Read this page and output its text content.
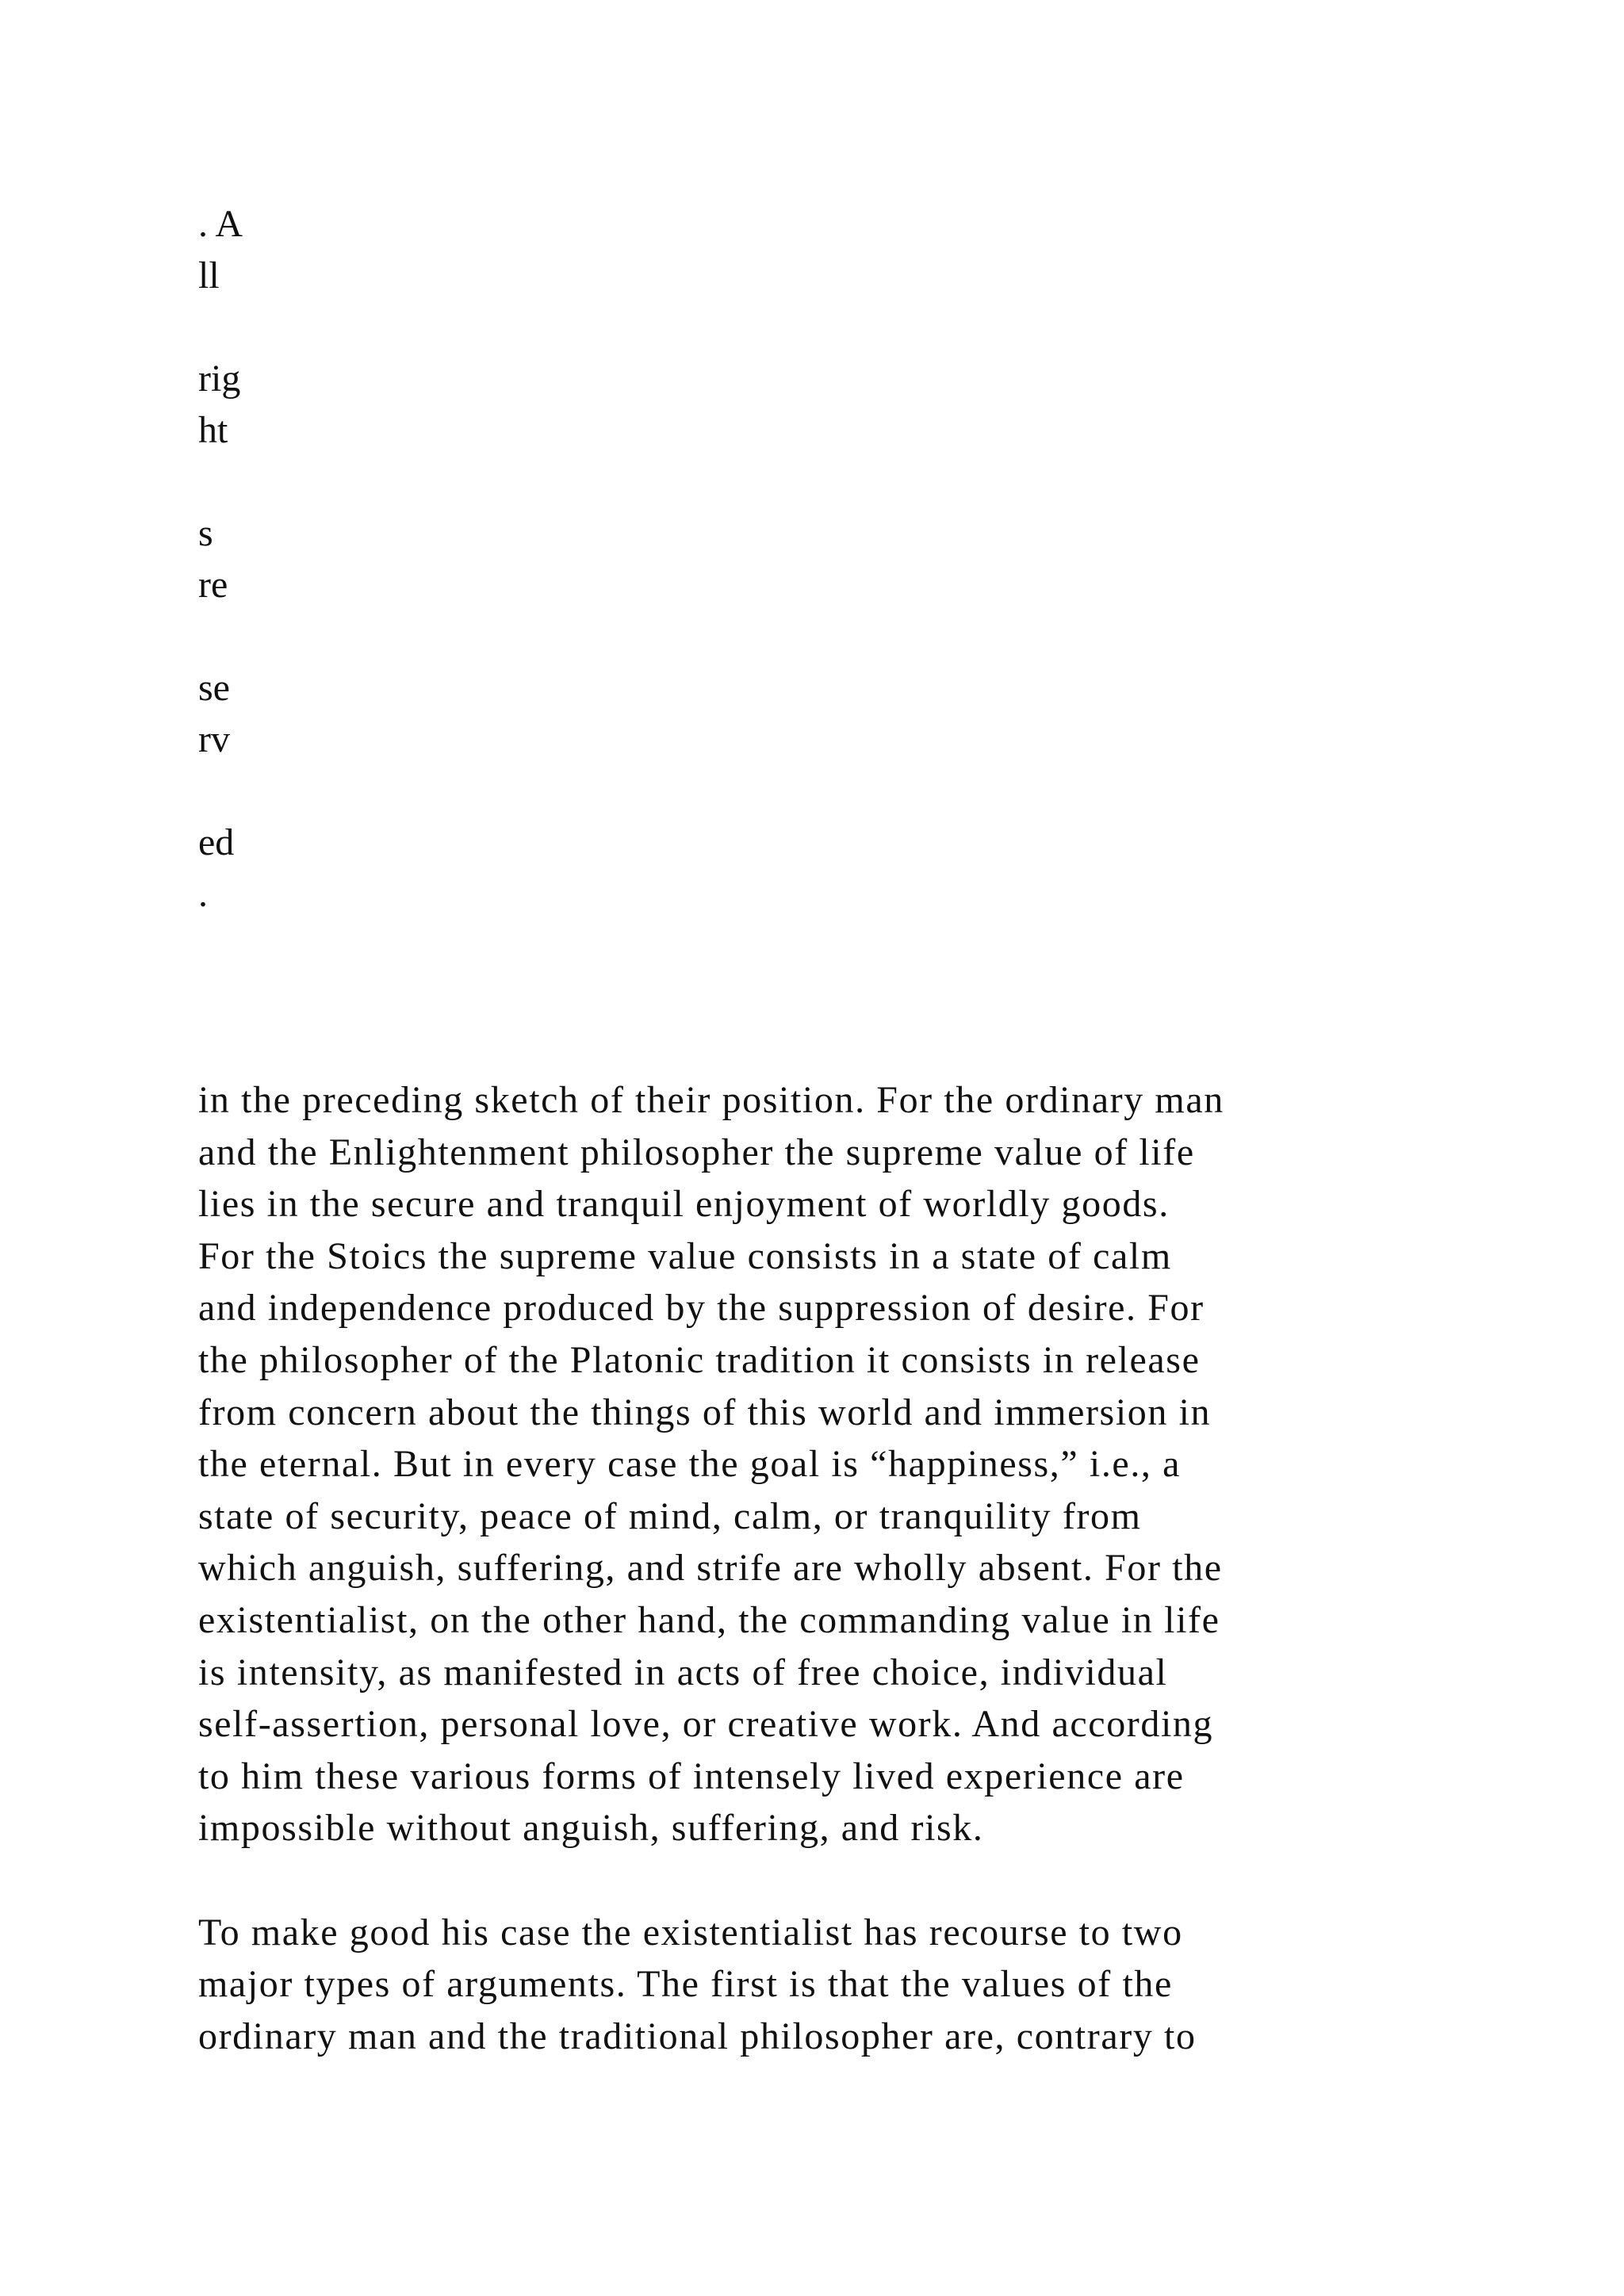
. A
ll
rig
ht
s
re
se
rv
ed
.
in the preceding sketch of their position. For the ordinary man
and the Enlightenment philosopher the supreme value of life
lies in the secure and tranquil enjoyment of worldly goods.
For the Stoics the supreme value consists in a state of calm
and independence produced by the suppression of desire. For
the philosopher of the Platonic tradition it consists in release
from concern about the things of this world and immersion in
the eternal. But in every case the goal is “happiness,” i.e., a
state of security, peace of mind, calm, or tranquility from
which anguish, suffering, and strife are wholly absent. For the
existentialist, on the other hand, the commanding value in life
is intensity, as manifested in acts of free choice, individual
self-assertion, personal love, or creative work. And according
to him these various forms of intensely lived experience are
impossible without anguish, suffering, and risk.
To make good his case the existentialist has recourse to two
major types of arguments. The first is that the values of the
ordinary man and the traditional philosopher are, contrary to
